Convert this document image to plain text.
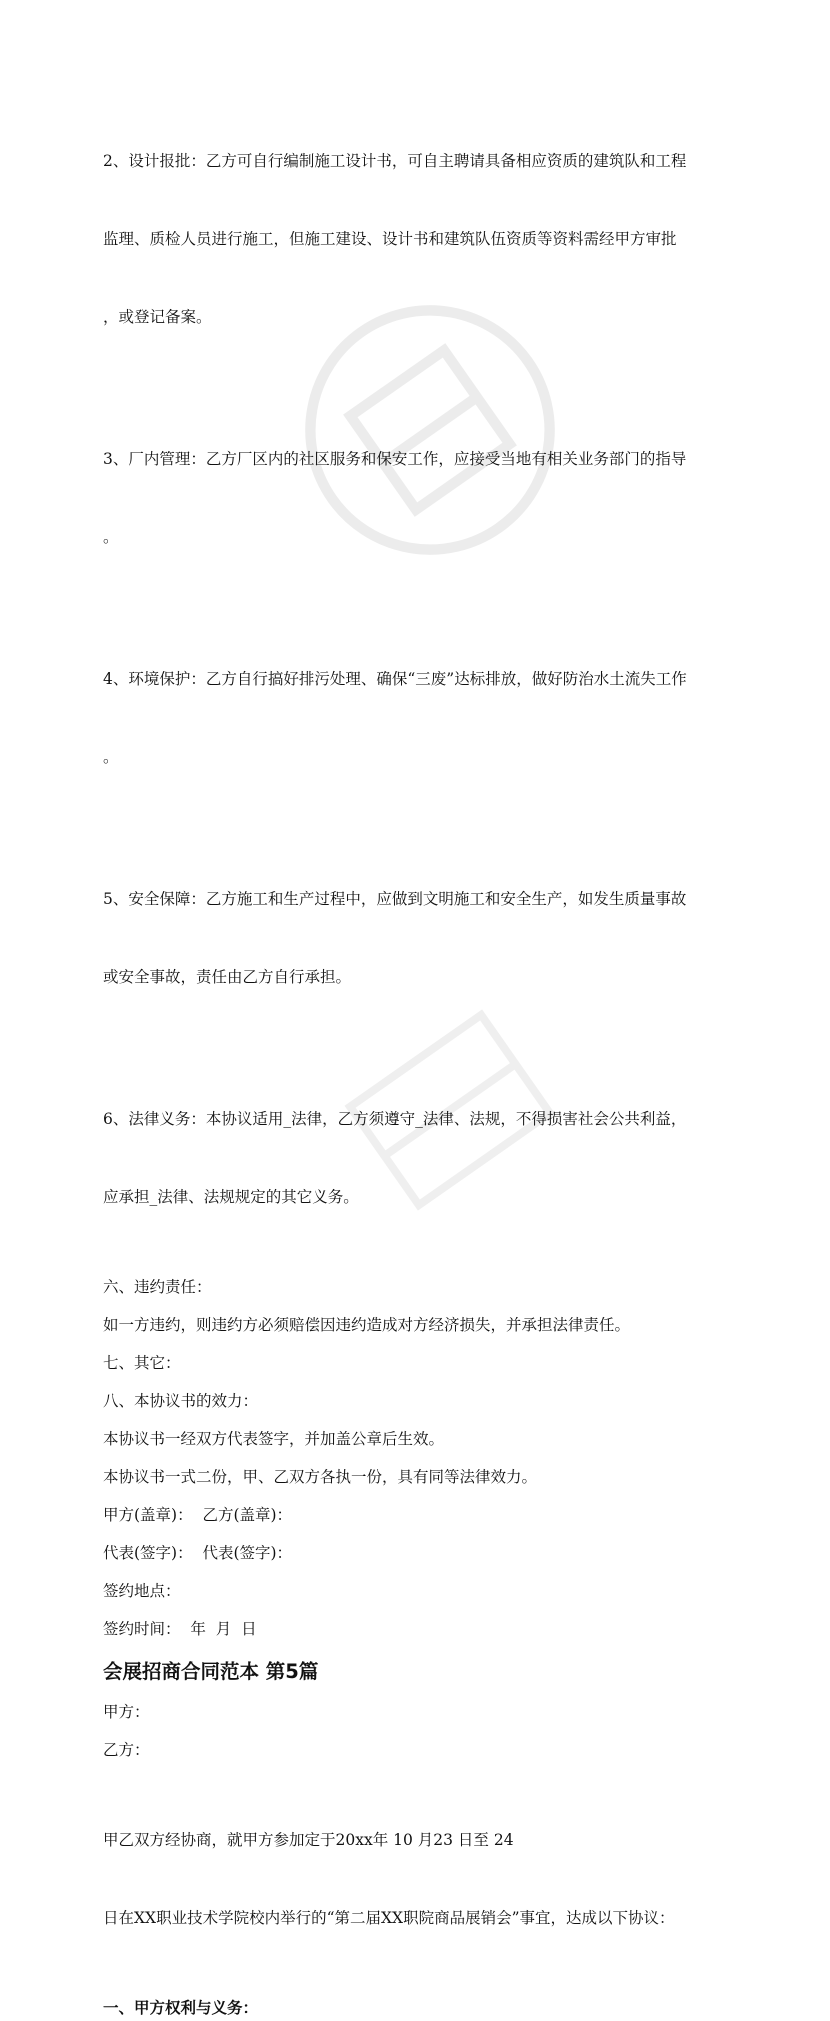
2、设计报批：乙方可自行编制施工设计书，可自主聘请具备相应资质的建筑队和工程

监理、质检人员进行施工，但施工建设、设计书和建筑队伍资质等资料需经甲方审批

，或登记备案。

3、厂内管理：乙方厂区内的社区服务和保安工作，应接受当地有相关业务部门的指导

。

4、环境保护：乙方自行搞好排污处理、确保“三废”达标排放，做好防治水土流失工作

。

5、安全保障：乙方施工和生产过程中，应做到文明施工和安全生产，如发生质量事故

或安全事故，责任由乙方自行承担。

6、法律义务：本协议适用_法律，乙方须遵守_法律、法规，不得损害社会公共利益，

应承担_法律、法规规定的其它义务。

六、违约责任：
如一方违约，则违约方必须赔偿因违约造成对方经济损失，并承担法律责任。
七、其它：
八、本协议书的效力：
本协议书一经双方代表签字，并加盖公章后生效。
本协议书一式二份，甲、乙双方各执一份，具有同等法律效力。
甲方(盖章)：  乙方(盖章)：
代表(签字)：  代表(签字)：
签约地点：
签约时间：  年  月  日
会展招商合同范本 第5篇
甲方：
乙方：

甲乙双方经协商，就甲方参加定于20xx年 10 月23 日至 24

日在XX职业技术学院校内举行的“第二届XX职院商品展销会”事宜，达成以下协议：

一、甲方权利与义务：
